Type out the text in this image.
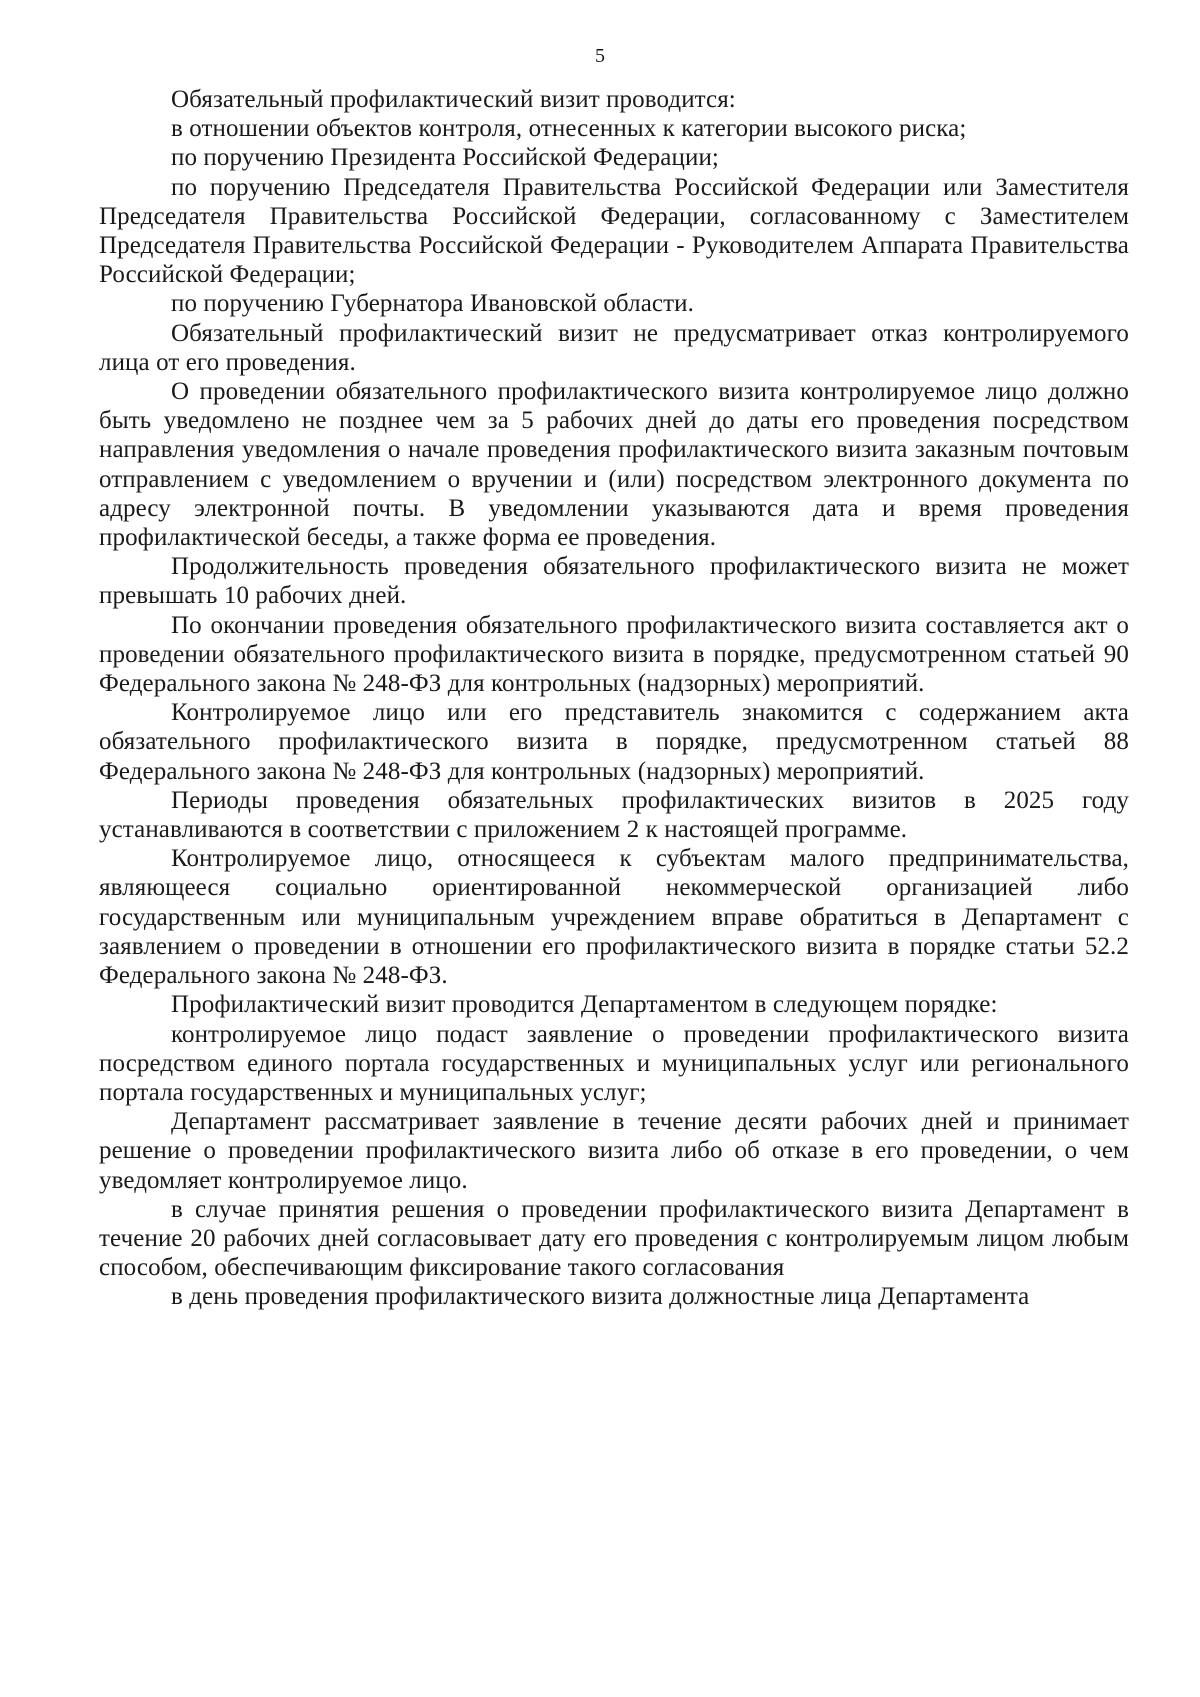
5

Обязательный профилактический визит проводится:

в отношении объектов контроля, отнесенных к категории высокого риска;

по поручению Президента Российской Федерации;

по поручению Председателя Правительства Российской Федерации или Заместителя Председателя Правительства Российской Федерации, согласованному с Заместителем Председателя Правительства Российской Федерации - Руководителем Аппарата Правительства Российской Федерации;

по поручению Губернатора Ивановской области.

Обязательный профилактический визит не предусматривает отказ контролируемого лица от его проведения.

О проведении обязательного профилактического визита контролируемое лицо должно быть уведомлено не позднее чем за 5 рабочих дней до даты его проведения посредством направления уведомления о начале проведения профилактического визита заказным почтовым отправлением с уведомлением о вручении и (или) посредством электронного документа по адресу электронной почты. В уведомлении указываются дата и время проведения профилактической беседы, а также форма ее проведения.

Продолжительность проведения обязательного профилактического визита не может превышать 10 рабочих дней.

По окончании проведения обязательного профилактического визита составляется акт о проведении обязательного профилактического визита в порядке, предусмотренном статьей 90 Федерального закона № 248-ФЗ для контрольных (надзорных) мероприятий.

Контролируемое лицо или его представитель знакомится с содержанием акта обязательного профилактического визита в порядке, предусмотренном статьей 88 Федерального закона № 248-ФЗ для контрольных (надзорных) мероприятий.

Периоды проведения обязательных профилактических визитов в 2025 году устанавливаются в соответствии с приложением 2 к настоящей программе.

Контролируемое лицо, относящееся к субъектам малого предпринимательства, являющееся социально ориентированной некоммерческой организацией либо государственным или муниципальным учреждением вправе обратиться в Департамент с заявлением о проведении в отношении его профилактического визита в порядке статьи 52.2 Федерального закона № 248-ФЗ.

Профилактический визит проводится Департаментом в следующем порядке:

контролируемое лицо подаст заявление о проведении профилактического визита посредством единого портала государственных и муниципальных услуг или регионального портала государственных и муниципальных услуг;

Департамент рассматривает заявление в течение десяти рабочих дней и принимает решение о проведении профилактического визита либо об отказе в его проведении, о чем уведомляет контролируемое лицо.

в случае принятия решения о проведении профилактического визита Департамент в течение 20 рабочих дней согласовывает дату его проведения с контролируемым лицом любым способом, обеспечивающим фиксирование такого согласования

в день проведения профилактического визита должностные лица Департамента
